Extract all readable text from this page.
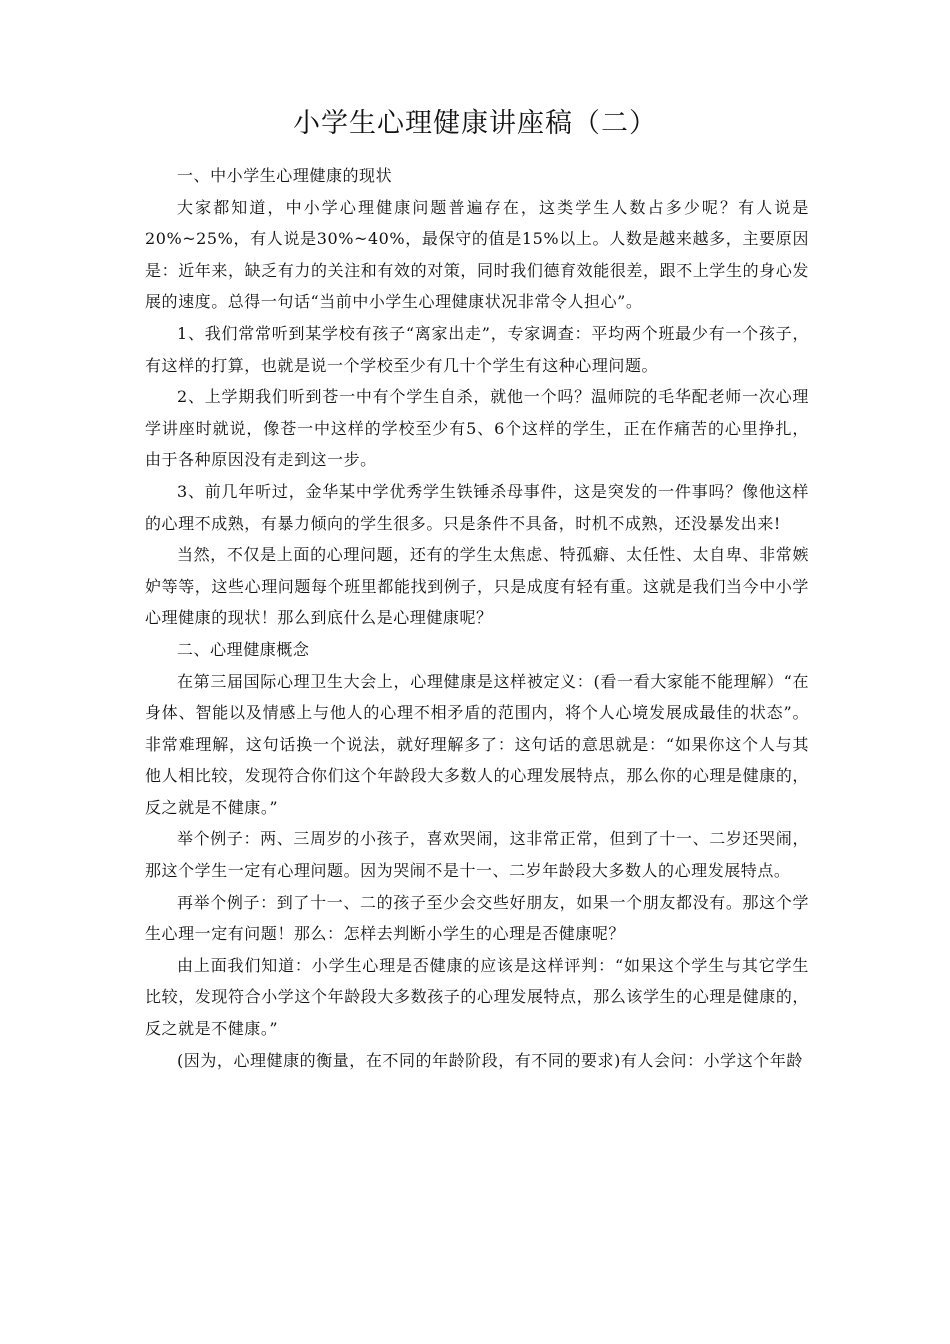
小学生心理健康讲座稿（二）

一、中小学生心理健康的现状

大家都知道，中小学心理健康问题普遍存在，这类学生人数占多少呢？有人说是20%~25%，有人说是30%~40%，最保守的值是15%以上。人数是越来越多，主要原因是：近年来，缺乏有力的关注和有效的对策，同时我们德育效能很差，跟不上学生的身心发展的速度。总得一句话“当前中小学生心理健康状况非常令人担心”。

1、我们常常听到某学校有孩子“离家出走”，专家调查：平均两个班最少有一个孩子，有这样的打算，也就是说一个学校至少有几十个学生有这种心理问题。

2、上学期我们听到苍一中有个学生自杀，就他一个吗？温师院的毛华配老师一次心理学讲座时就说，像苍一中这样的学校至少有5、6个这样的学生，正在作痛苦的心里挣扎，由于各种原因没有走到这一步。

3、前几年听过，金华某中学优秀学生铁锤杀母事件，这是突发的一件事吗？像他这样的心理不成熟，有暴力倾向的学生很多。只是条件不具备，时机不成熟，还没暴发出来!

当然，不仅是上面的心理问题，还有的学生太焦虑、特孤癖、太任性、太自卑、非常嫉妒等等，这些心理问题每个班里都能找到例子，只是成度有轻有重。这就是我们当今中小学心理健康的现状！那么到底什么是心理健康呢？

二、心理健康概念

在第三届国际心理卫生大会上，心理健康是这样被定义：(看一看大家能不能理解）“在身体、智能以及情感上与他人的心理不相矛盾的范围内，将个人心境发展成最佳的状态”。非常难理解，这句话换一个说法，就好理解多了：这句话的意思就是：“如果你这个人与其他人相比较，发现符合你们这个年龄段大多数人的心理发展特点，那么你的心理是健康的，反之就是不健康。”

举个例子：两、三周岁的小孩子，喜欢哭闹，这非常正常，但到了十一、二岁还哭闹，那这个学生一定有心理问题。因为哭闹不是十一、二岁年龄段大多数人的心理发展特点。

再举个例子：到了十一、二的孩子至少会交些好朋友，如果一个朋友都没有。那这个学生心理一定有问题！那么：怎样去判断小学生的心理是否健康呢？

由上面我们知道：小学生心理是否健康的应该是这样评判：“如果这个学生与其它学生比较，发现符合小学这个年龄段大多数孩子的心理发展特点，那么该学生的心理是健康的，反之就是不健康。”

(因为，心理健康的衡量，在不同的年龄阶段，有不同的要求)有人会问：小学这个年龄
